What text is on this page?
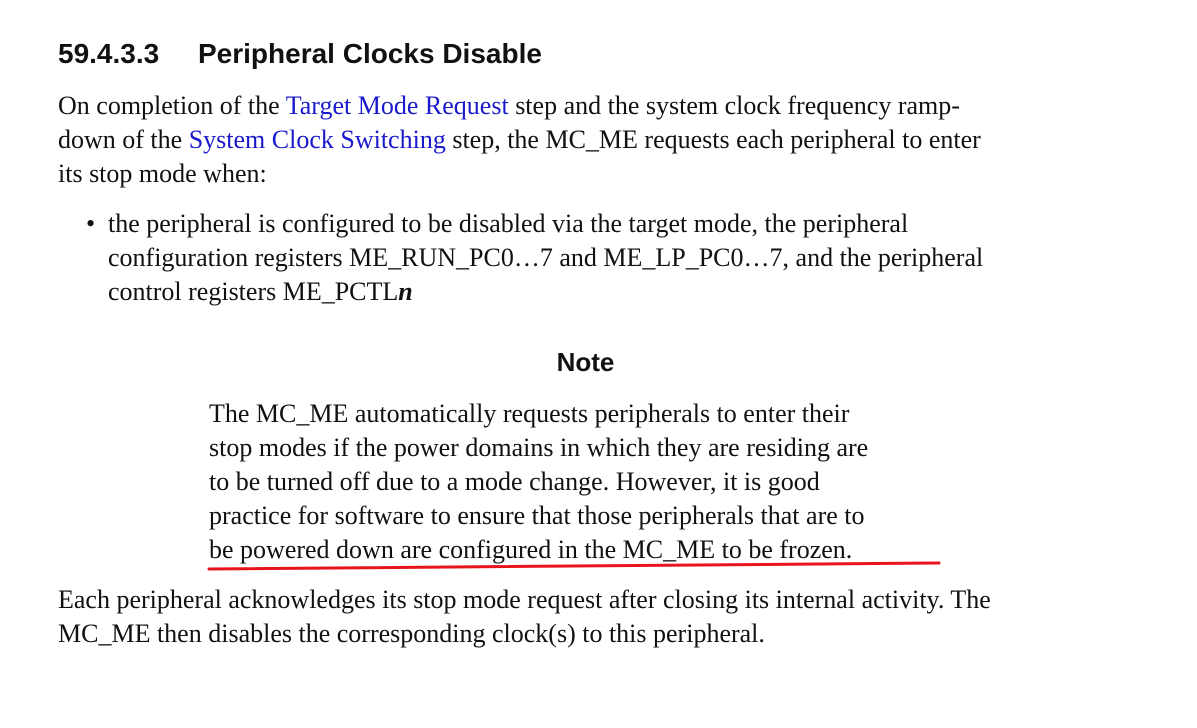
59.4.3.3 Peripheral Clocks Disable

On completion of the Target Mode Request step and the system clock frequency ramp-
down of the System Clock Switching step, the MC_ME requests each peripheral to enter
its stop mode when:

• the peripheral is configured to be disabled via the target mode, the peripheral
configuration registers ME_RUN_PC0…7 and ME_LP_PC0…7, and the peripheral
control registers ME_PCTLn
Note

The MC_ME automatically requests peripherals to enter their
stop modes if the power domains in which they are residing are
to be turned off due to a mode change. However, it is good
practice for software to ensure that those peripherals that are to
be powered down are configured in the MC_ME to be frozen.

Each peripheral acknowledges its stop mode request after closing its internal activity. The
MC_ME then disables the corresponding clock(s) to this peripheral.
